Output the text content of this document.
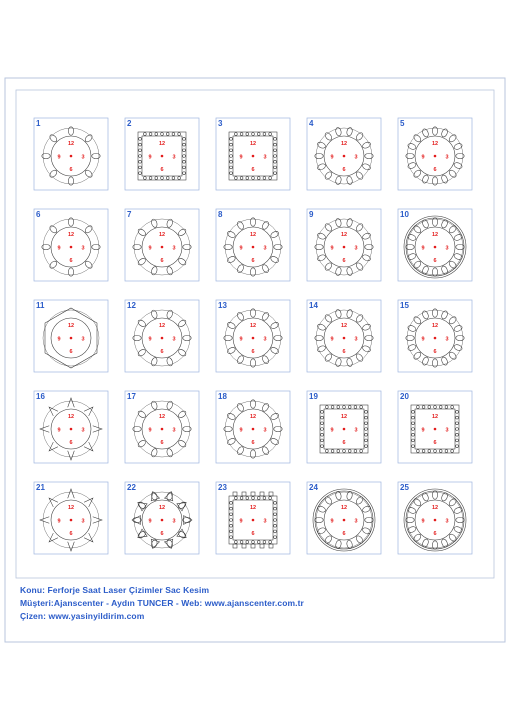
1
12
3
6
9
2
12
3
6
9
3
12
3
6
9
4
12
3
6
9
5
12
3
6
9
6
12
3
6
9
7
12
3
6
9
8
12
3
6
9
9
12
3
6
9
10
12
3
6
9
11
12
3
6
9
12
12
3
6
9
13
12
3
6
9
14
12
3
6
9
15
12
3
6
9
16
12
3
6
9
17
12
3
6
9
18
12
3
6
9
19
12
3
6
9
20
12
3
6
9
21
12
3
6
9
22
12
3
6
9
23
12
3
6
9
24
12
3
6
9
25
12
3
6
9
Konu: Ferforje Saat Laser Çizimler Sac Kesim
Müşteri:Ajanscenter - Aydın TUNCER - Web: www.ajanscenter.com.tr
Çizen: www.yasinyildirim.com
